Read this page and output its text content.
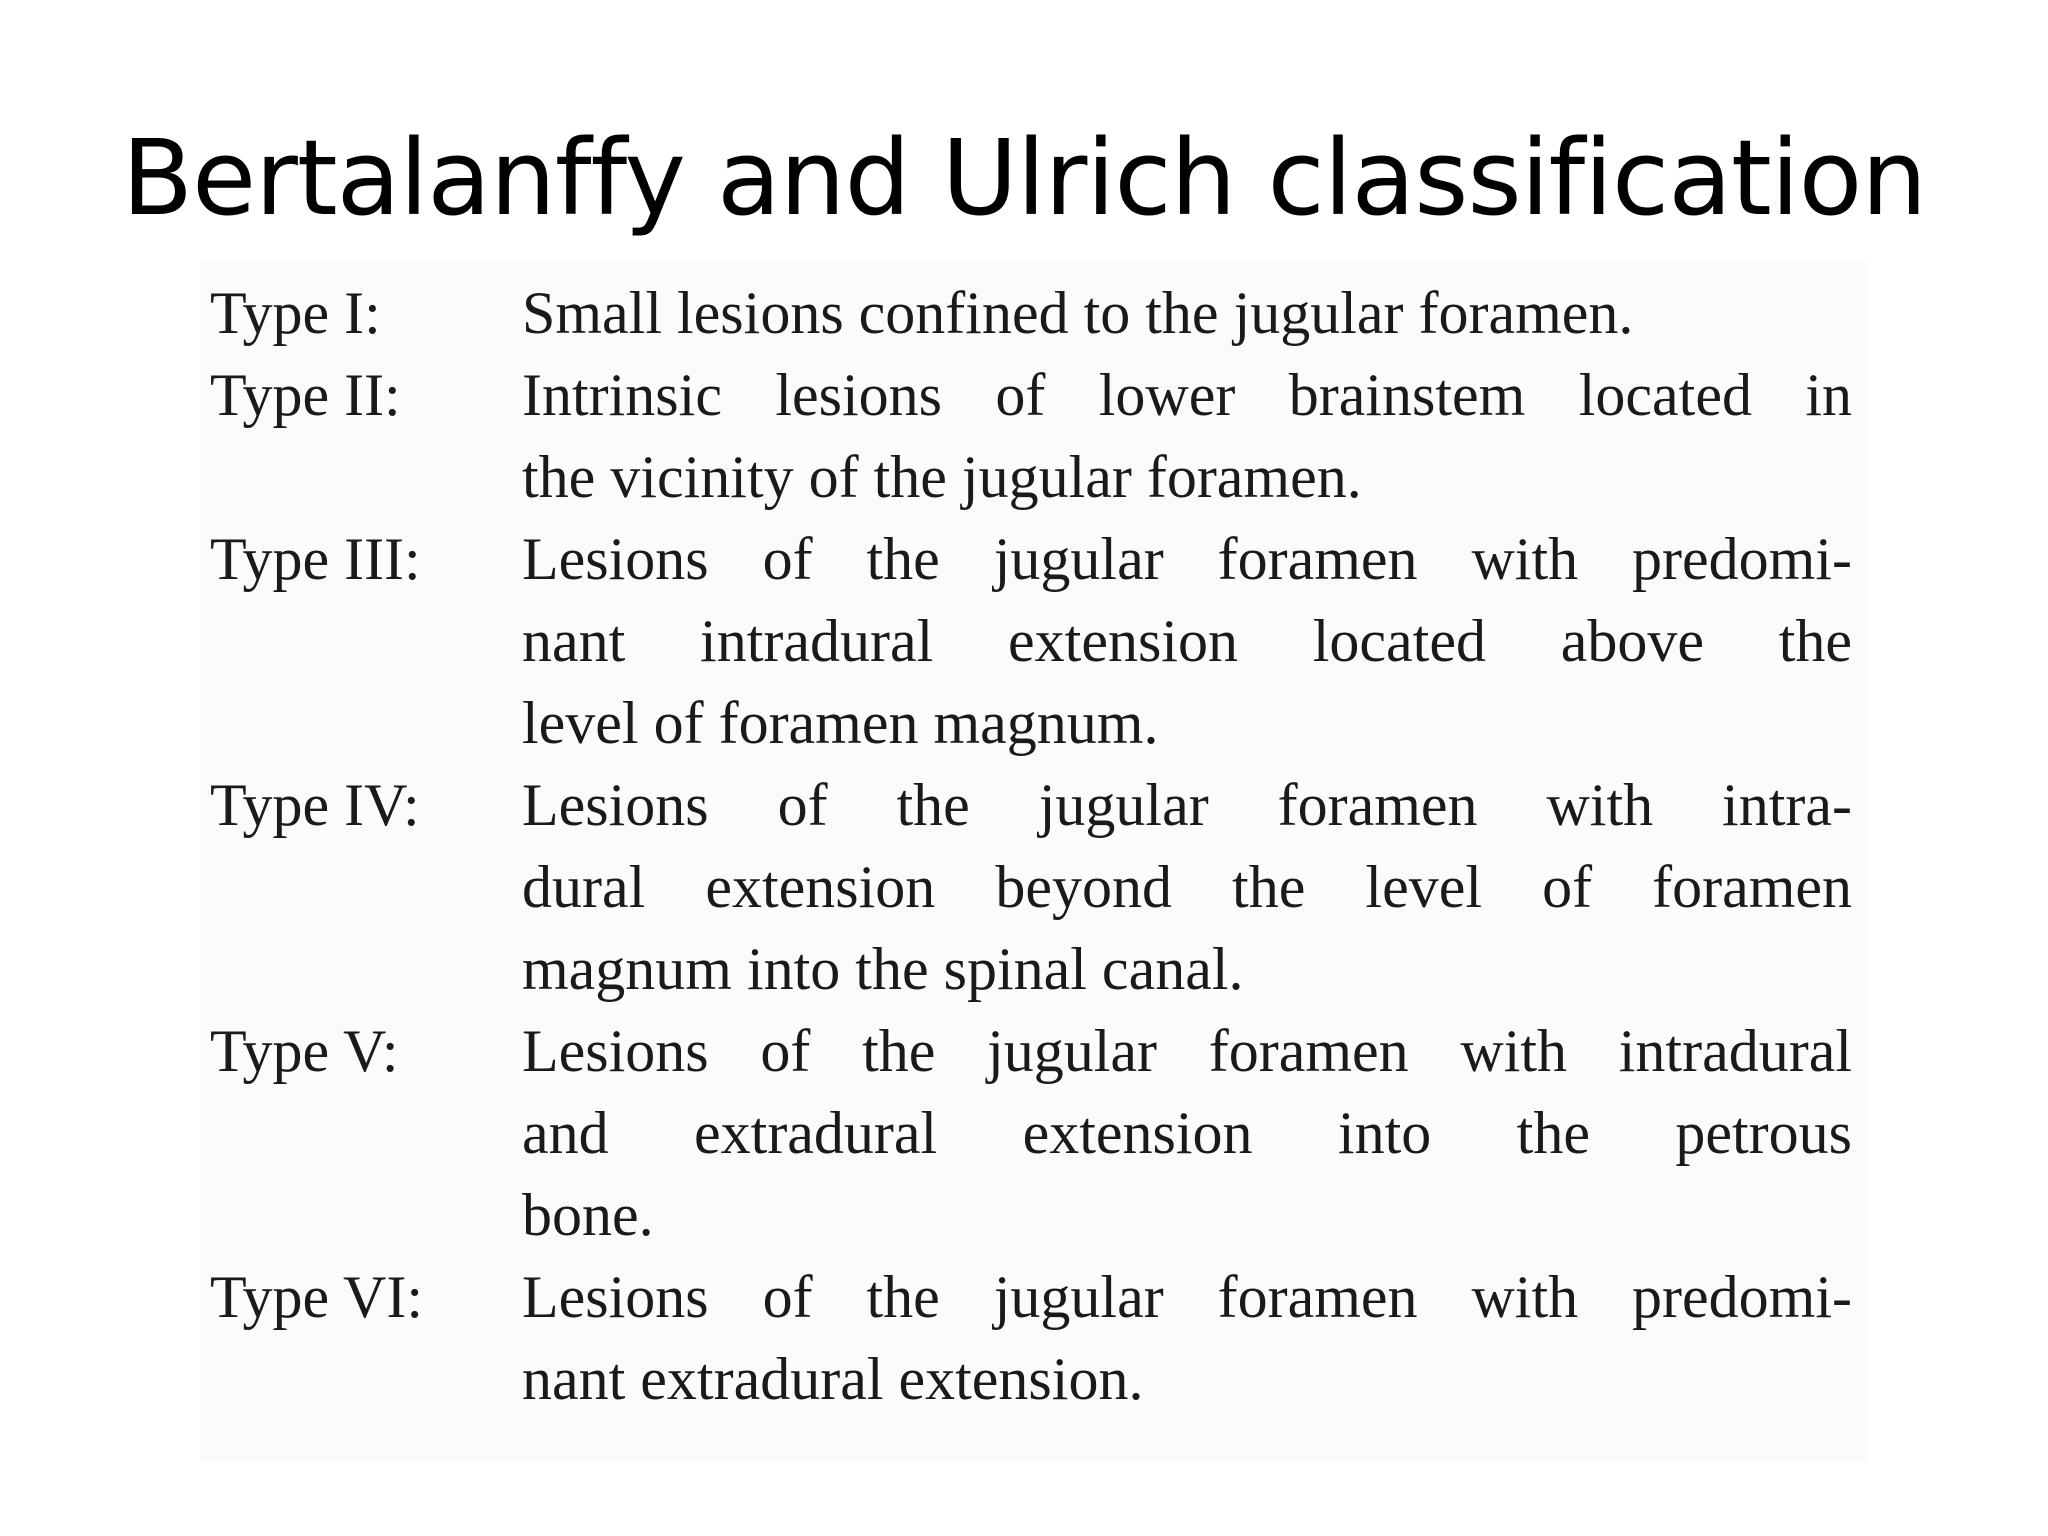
Bertalanffy and Ulrich classification
Type I: Small lesions confined to the jugular foramen.
Type II: Intrinsic lesions of lower brainstem located in
the vicinity of the jugular foramen.
Type III: Lesions of the jugular foramen with predomi-
nant intradural extension located above the
level of foramen magnum.
Type IV: Lesions of the jugular foramen with intra-
dural extension beyond the level of foramen
magnum into the spinal canal.
Type V: Lesions of the jugular foramen with intradural
and extradural extension into the petrous
bone.
Type VI: Lesions of the jugular foramen with predomi-
nant extradural extension.
